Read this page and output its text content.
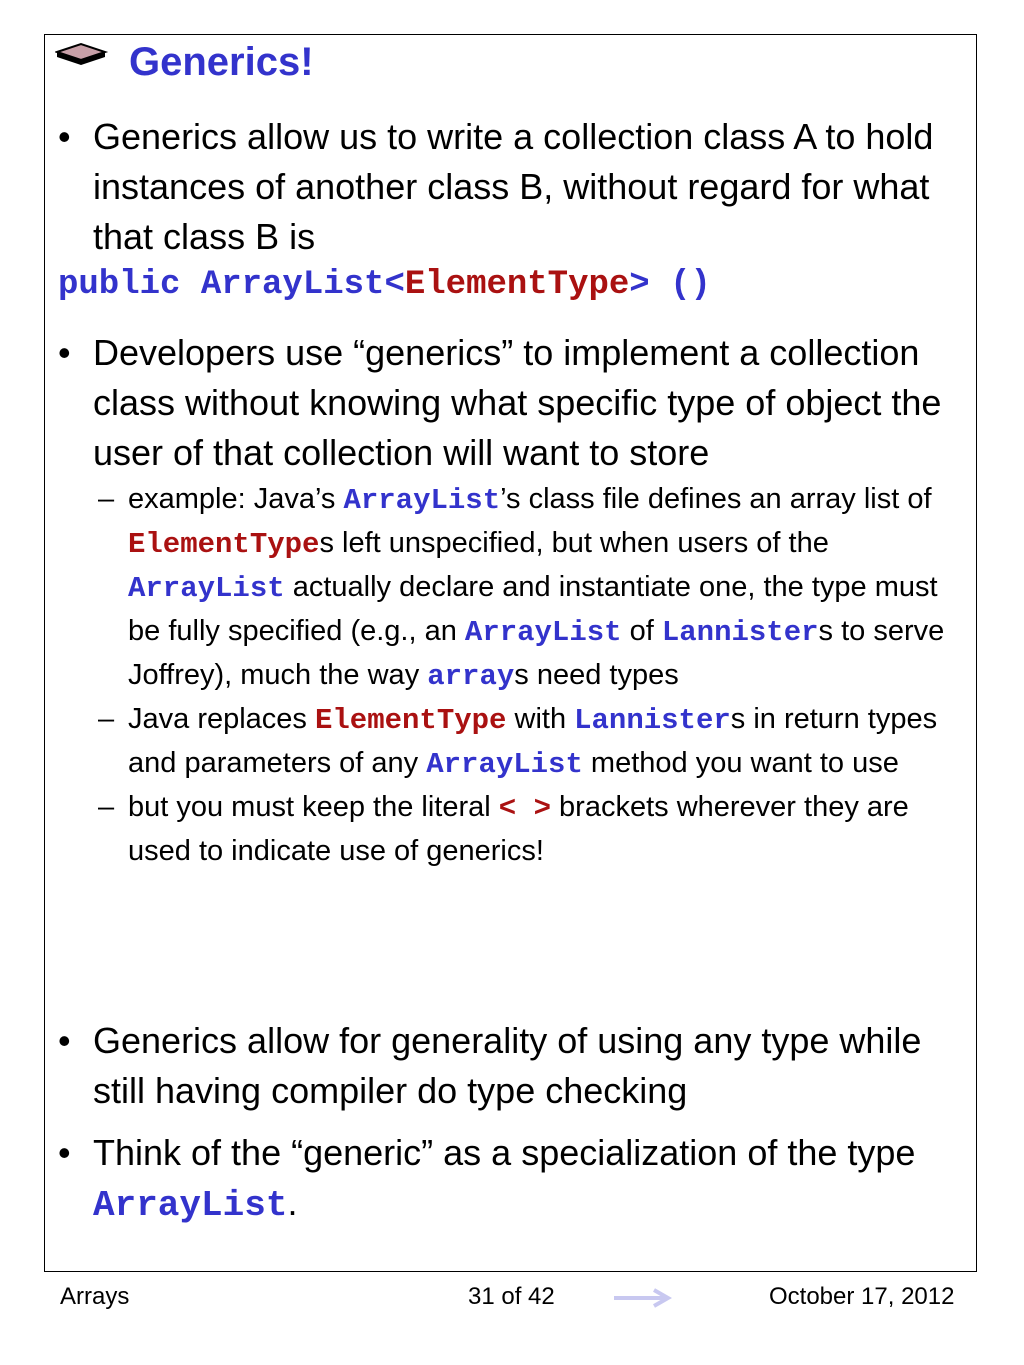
Generics!
• Generics allow us to write a collection class A to hold instances of another class B, without regard for what that class B is
public ArrayList<ElementType> ()
• Developers use “generics” to implement a collection class without knowing what specific type of object the user of that collection will want to store
– example: Java’s ArrayList’s class file defines an array list of ElementTypes left unspecified, but when users of the ArrayList actually declare and instantiate one, the type must be fully specified (e.g., an ArrayList of Lannisters to serve Joffrey), much the way arrays need types
– Java replaces ElementType with Lannisters in return types and parameters of any ArrayList method you want to use
– but you must keep the literal < > brackets wherever they are used to indicate use of generics!
• Generics allow for generality of using any type while still having compiler do type checking
• Think of the “generic” as a specialization of the type ArrayList.
Arrays	31 of 42	October 17, 2012
